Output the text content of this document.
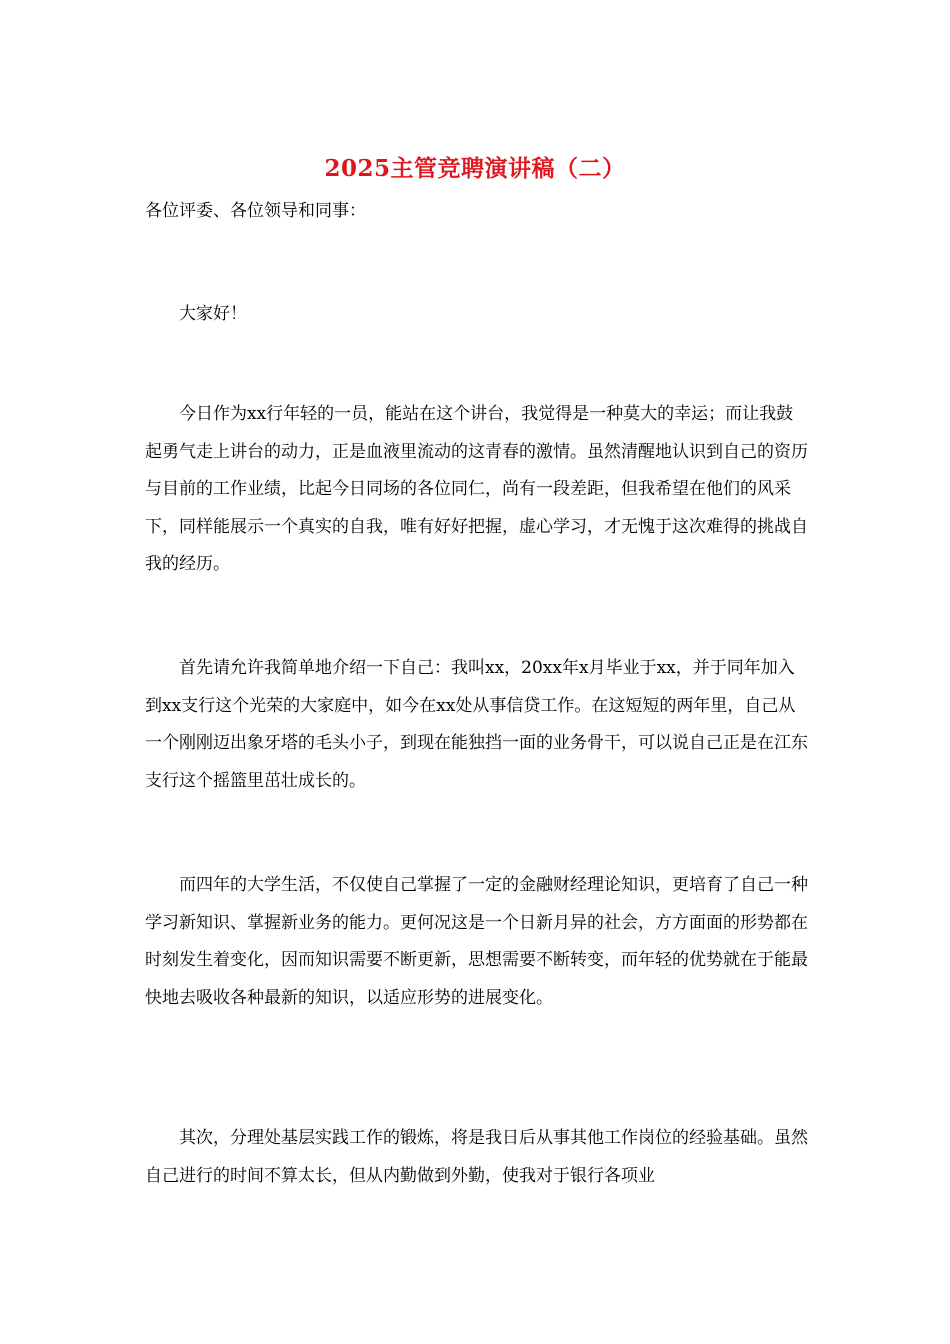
2025主管竞聘演讲稿（二）
各位评委、各位领导和同事：

大家好！

今日作为xx行年轻的一员，能站在这个讲台，我觉得是一种莫大的幸运；而让我鼓起勇气走上讲台的动力，正是血液里流动的这青春的激情。虽然清醒地认识到自己的资历与目前的工作业绩，比起今日同场的各位同仁，尚有一段差距，但我希望在他们的风采下，同样能展示一个真实的自我，唯有好好把握，虚心学习，才无愧于这次难得的挑战自我的经历。

首先请允许我简单地介绍一下自己：我叫xx，20xx年x月毕业于xx，并于同年加入到xx支行这个光荣的大家庭中，如今在xx处从事信贷工作。在这短短的两年里，自己从一个刚刚迈出象牙塔的毛头小子，到现在能独挡一面的业务骨干，可以说自己正是在江东支行这个摇篮里茁壮成长的。

而四年的大学生活，不仅使自己掌握了一定的金融财经理论知识，更培育了自己一种学习新知识、掌握新业务的能力。更何况这是一个日新月异的社会，方方面面的形势都在时刻发生着变化，因而知识需要不断更新，思想需要不断转变，而年轻的优势就在于能最快地去吸收各种最新的知识，以适应形势的进展变化。

其次，分理处基层实践工作的锻炼，将是我日后从事其他工作岗位的经验基础。虽然自己进行的时间不算太长，但从内勤做到外勤，使我对于银行各项业
